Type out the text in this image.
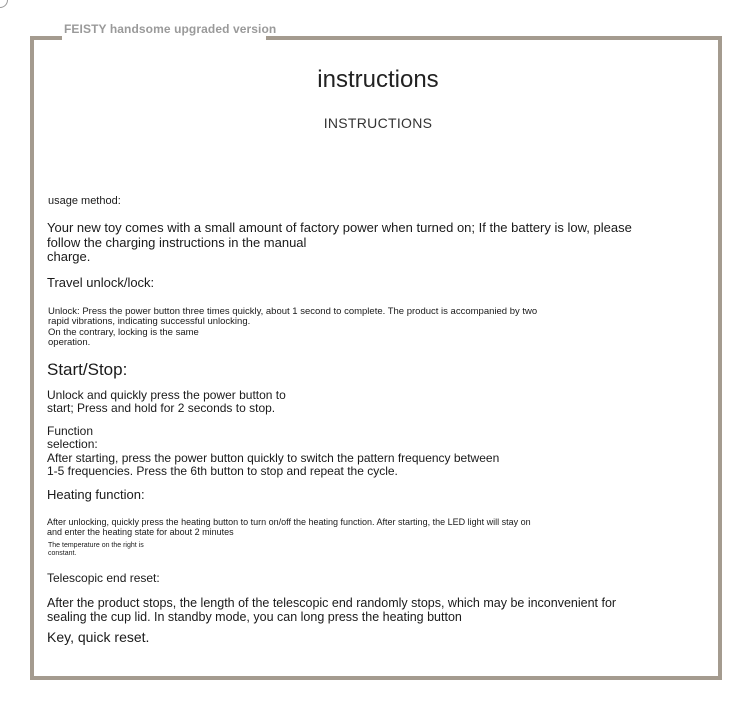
FEISTY handsome upgraded version
instructions
INSTRUCTIONS
usage method:
Your new toy comes with a small amount of factory power when turned on; If the battery is low, please
follow the charging instructions in the manual
charge.
Travel unlock/lock:
Unlock: Press the power button three times quickly, about 1 second to complete. The product is accompanied by two
rapid vibrations, indicating successful unlocking.
On the contrary, locking is the same
operation.
Start/Stop:
Unlock and quickly press the power button to
start; Press and hold for 2 seconds to stop.
Function
selection:
After starting, press the power button quickly to switch the pattern frequency between
1-5 frequencies. Press the 6th button to stop and repeat the cycle.
Heating function:
After unlocking, quickly press the heating button to turn on/off the heating function. After starting, the LED light will stay on
and enter the heating state for about 2 minutes
The temperature on the right is
constant.
Telescopic end reset:
After the product stops, the length of the telescopic end randomly stops, which may be inconvenient for
sealing the cup lid. In standby mode, you can long press the heating button
Key, quick reset.
